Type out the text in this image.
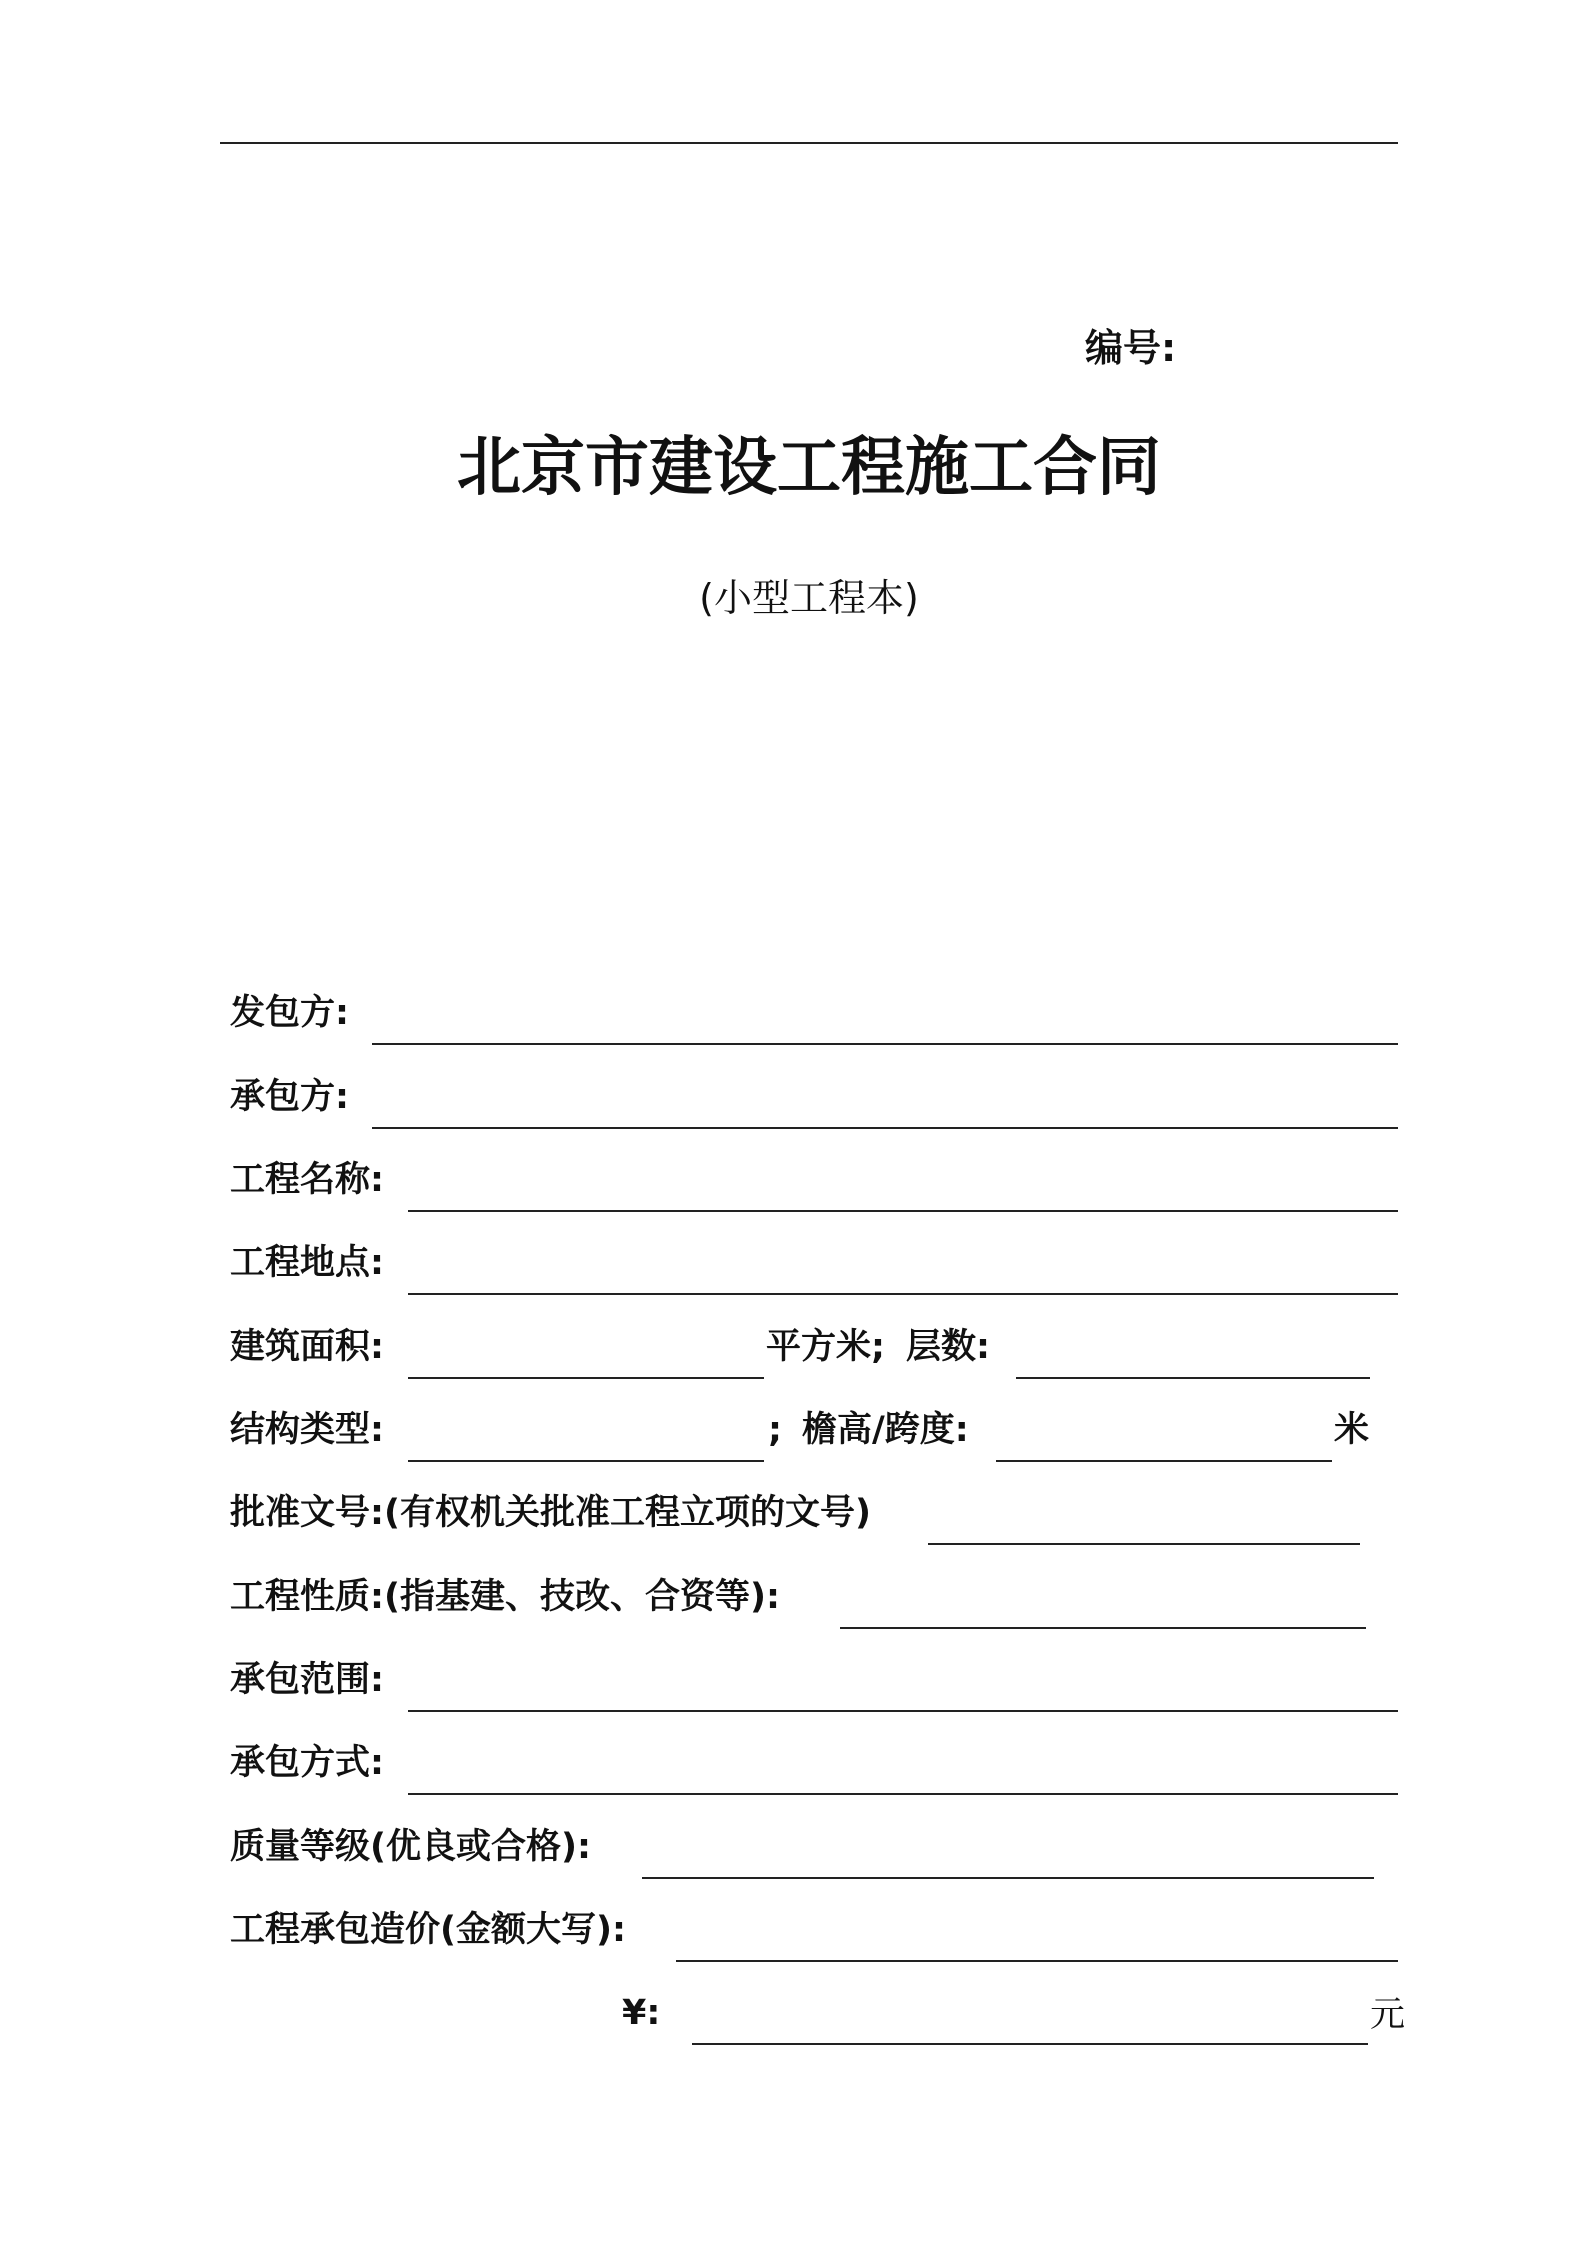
编号:
北京市建设工程施工合同
(小型工程本)
发包方:
承包方:
工程名称:
工程地点:
建筑面积:	平方米; 层数:
结构类型:	; 檐高/跨度:	米
批准文号:(有权机关批准工程立项的文号)
工程性质:(指基建、技改、合资等):
承包范围:
承包方式:
质量等级(优良或合格):
工程承包造价(金额大写):
¥:	元
